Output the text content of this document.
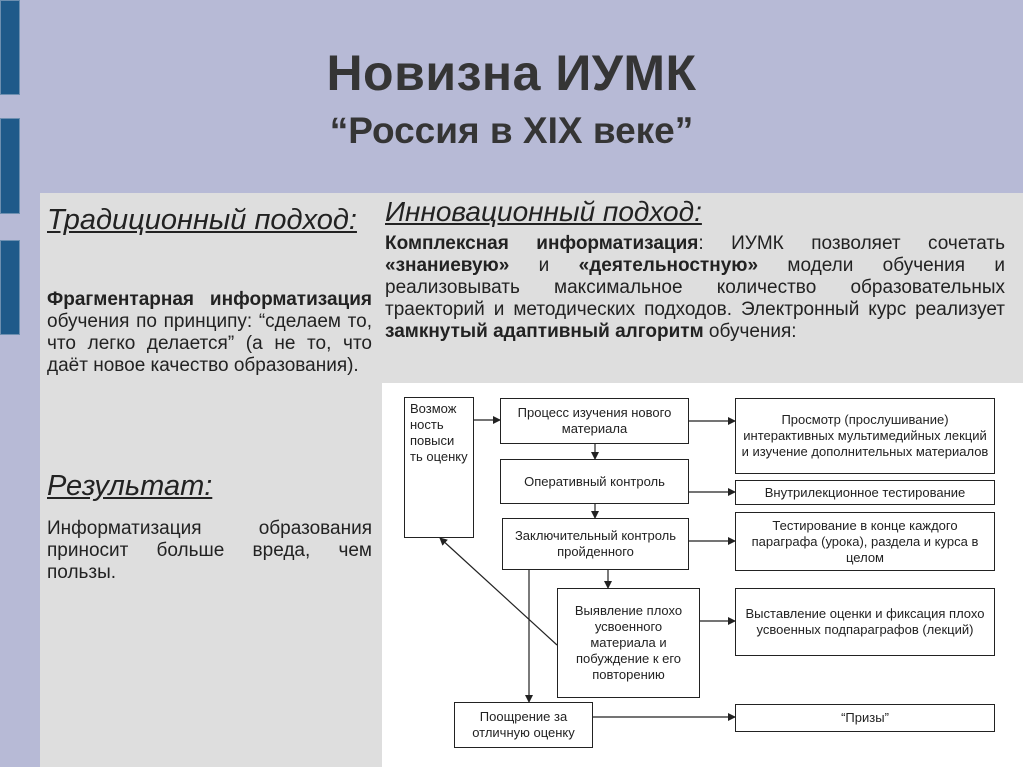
Новизна ИУМК
“Россия в XIX веке”
Традиционный подход:
Фрагментарная информатизация обучения по принципу: “сделаем то, что легко делается” (а не то, что даёт новое качество образования).
Результат:
Информатизация образования приносит больше вреда, чем пользы.
Инновационный подход:
Комплексная информатизация: ИУМК позволяет сочетать «знаниевую» и «деятельностную» модели обучения и реализовывать максимальное количество образовательных траекторий и методических подходов. Электронный курс реализует замкнутый адаптивный алгоритм обучения:
Возмож ность повыси ть оценку
Процесс изучения нового материала
Оперативный контроль
Заключительный контроль пройденного
Выявление плохо усвоенного материала и побуждение к его повторению
Поощрение за отличную оценку
Просмотр (прослушивание) интерактивных мультимедийных лекций и изучение дополнительных материалов
Внутрилекционное тестирование
Тестирование в конце каждого параграфа (урока), раздела и курса в целом
Выставление оценки и фиксация плохо усвоенных подпараграфов (лекций)
“Призы”
